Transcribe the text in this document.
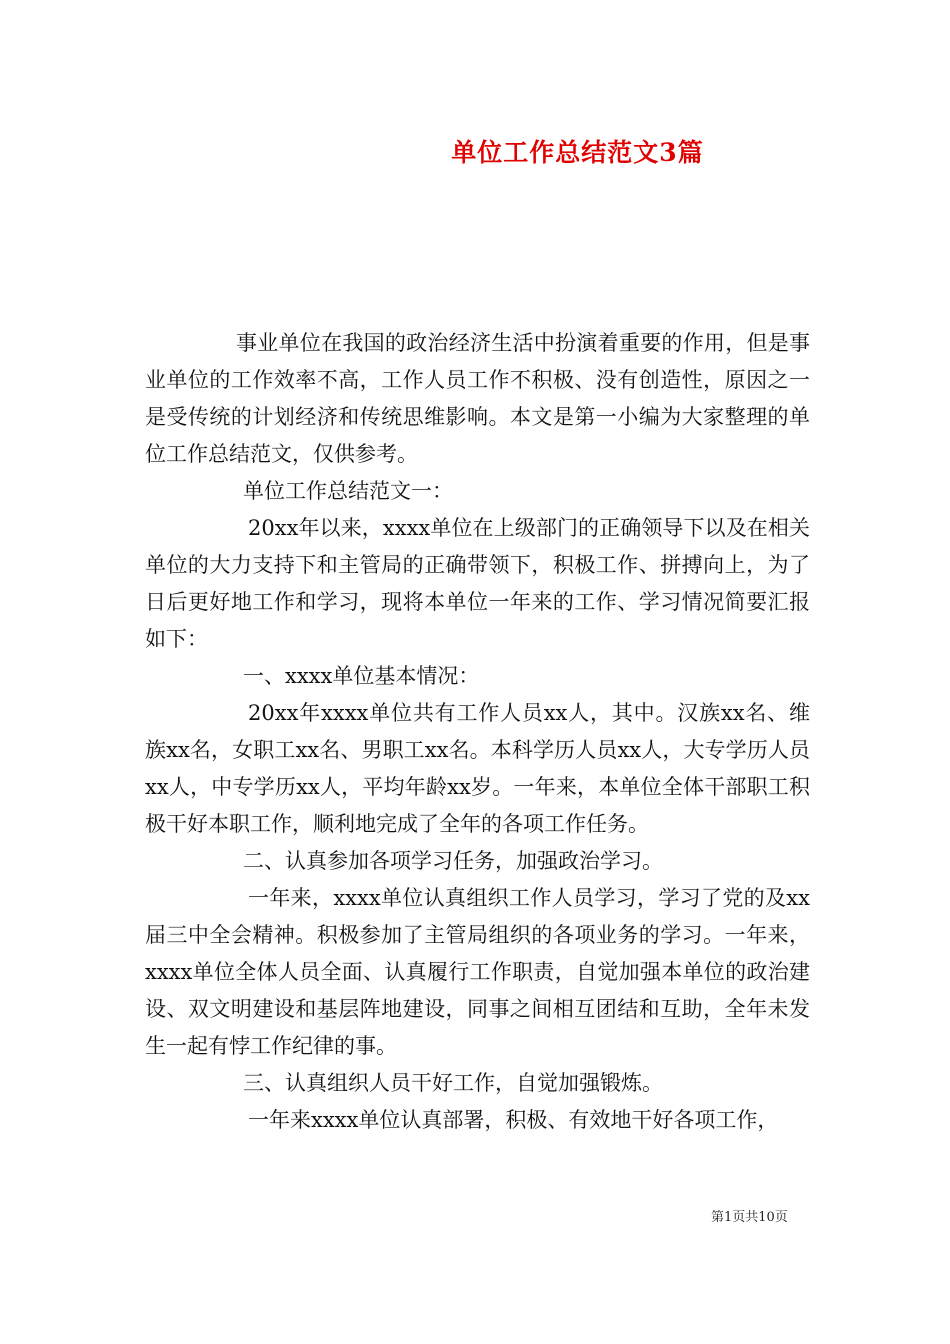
单位工作总结范文3篇

事业单位在我国的政治经济生活中扮演着重要的作用，但是事业单位的工作效率不高，工作人员工作不积极、没有创造性，原因之一是受传统的计划经济和传统思维影响。本文是第一小编为大家整理的单位工作总结范文，仅供参考。

单位工作总结范文一：

20xx年以来，xxxx单位在上级部门的正确领导下以及在相关单位的大力支持下和主管局的正确带领下，积极工作、拼搏向上，为了日后更好地工作和学习，现将本单位一年来的工作、学习情况简要汇报如下：

一、xxxx单位基本情况：

20xx年xxxx单位共有工作人员xx人，其中。汉族xx名、维族xx名，女职工xx名、男职工xx名。本科学历人员xx人，大专学历人员xx人，中专学历xx人，平均年龄xx岁。一年来，本单位全体干部职工积极干好本职工作，顺利地完成了全年的各项工作任务。

二、认真参加各项学习任务，加强政治学习。

一年来，xxxx单位认真组织工作人员学习，学习了党的及xx届三中全会精神。积极参加了主管局组织的各项业务的学习。一年来，xxxx单位全体人员全面、认真履行工作职责，自觉加强本单位的政治建设、双文明建设和基层阵地建设，同事之间相互团结和互助，全年未发生一起有悖工作纪律的事。

三、认真组织人员干好工作，自觉加强锻炼。

一年来xxxx单位认真部署，积极、有效地干好各项工作，

第1页共10页
